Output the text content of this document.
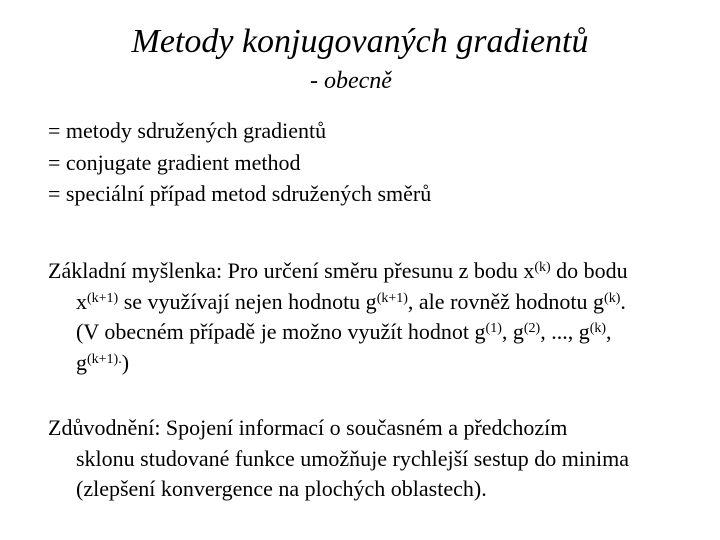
Metody konjugovaných gradientů
- obecně
= metody sdružených gradientů
= conjugate gradient method
= speciální případ metod sdružených směrů
Základní myšlenka: Pro určení směru přesunu z bodu $x^{(k)}$ do bodu
$x^{(k+1)}$ se využívají nejen hodnotu $g^{(k+1)}$, ale rovněž hodnotu $g^{(k)}$.
(V obecném případě je možno využít hodnot $g^{(1)}$, $g^{(2)}$, ..., $g^{(k)}$,
$g^{(k+1).}$)
Zdůvodnění: Spojení informací o současném a předchozím
sklonu studované funkce umožňuje rychlejší sestup do minima
(zlepšení konvergence na plochých oblastech).
